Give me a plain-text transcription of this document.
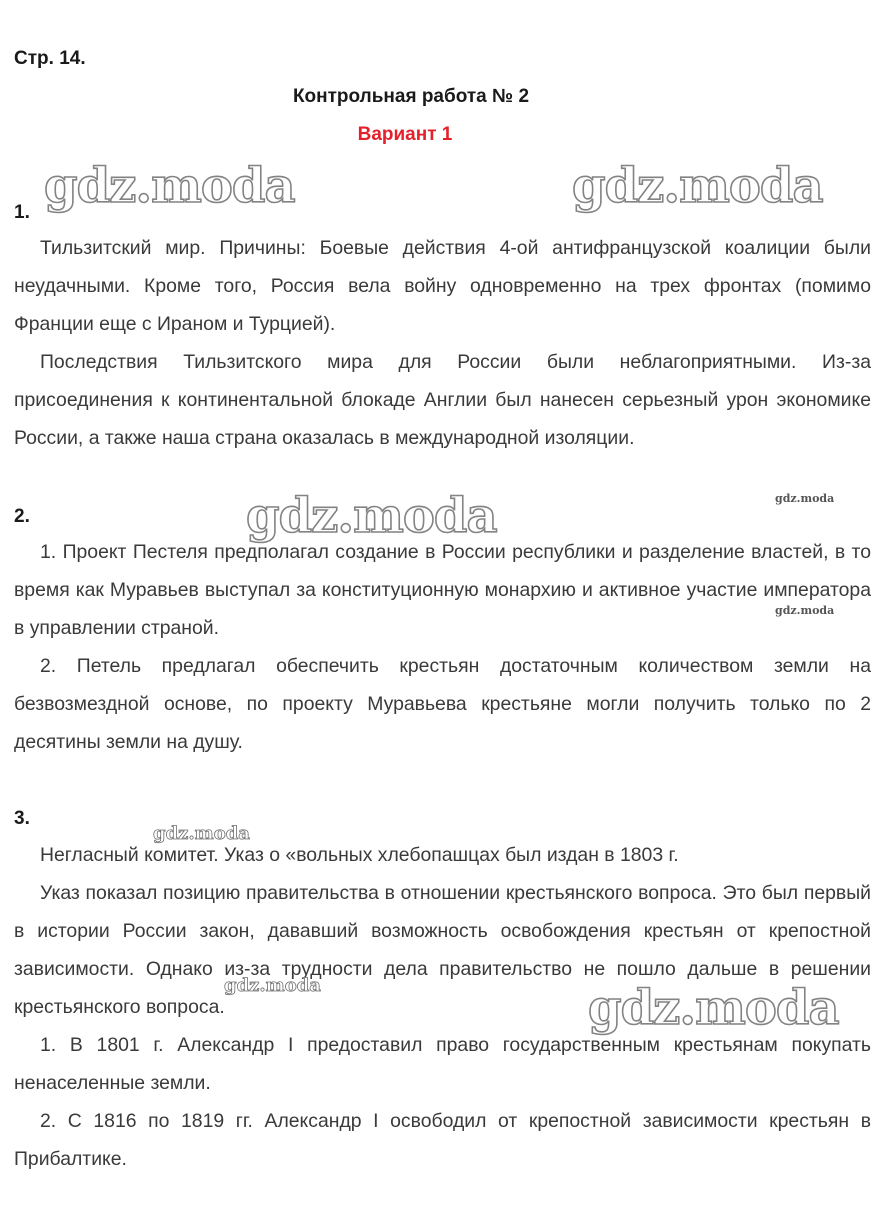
Стр. 14.
Контрольная работа № 2
Вариант 1
1.
Тильзитский мир. Причины: Боевые действия 4-ой антифранцузской коалиции были неудачными. Кроме того, Россия вела войну одновременно на трех фронтах (помимо Франции еще с Ираном и Турцией).
Последствия Тильзитского мира для России были неблагоприятными. Из-за присоединения к континентальной блокаде Англии был нанесен серьезный урон экономике России, а также наша страна оказалась в международной изоляции.
2.
1. Проект Пестеля предполагал создание в России республики и разделение властей, в то время как Муравьев выступал за конституционную монархию и активное участие императора в управлении страной.
2. Петель предлагал обеспечить крестьян достаточным количеством земли на безвозмездной основе, по проекту Муравьева крестьяне могли получить только по 2 десятины земли на душу.
3.
Негласный комитет. Указ о «вольных хлебопашцах был издан в 1803 г.
Указ показал позицию правительства в отношении крестьянского вопроса. Это был первый в истории России закон, дававший возможность освобождения крестьян от крепостной зависимости. Однако из-за трудности дела правительство не пошло дальше в решении крестьянского вопроса.
1. В 1801 г. Александр I предоставил право государственным крестьянам покупать ненаселенные земли.
2. С 1816 по 1819 гг. Александр I освободил от крепостной зависимости крестьян в Прибалтике.
gdz.moda	gdz.moda
gdz.moda
gdz.moda
gdz.moda
gdz.moda
gdz.moda
gdz.moda
